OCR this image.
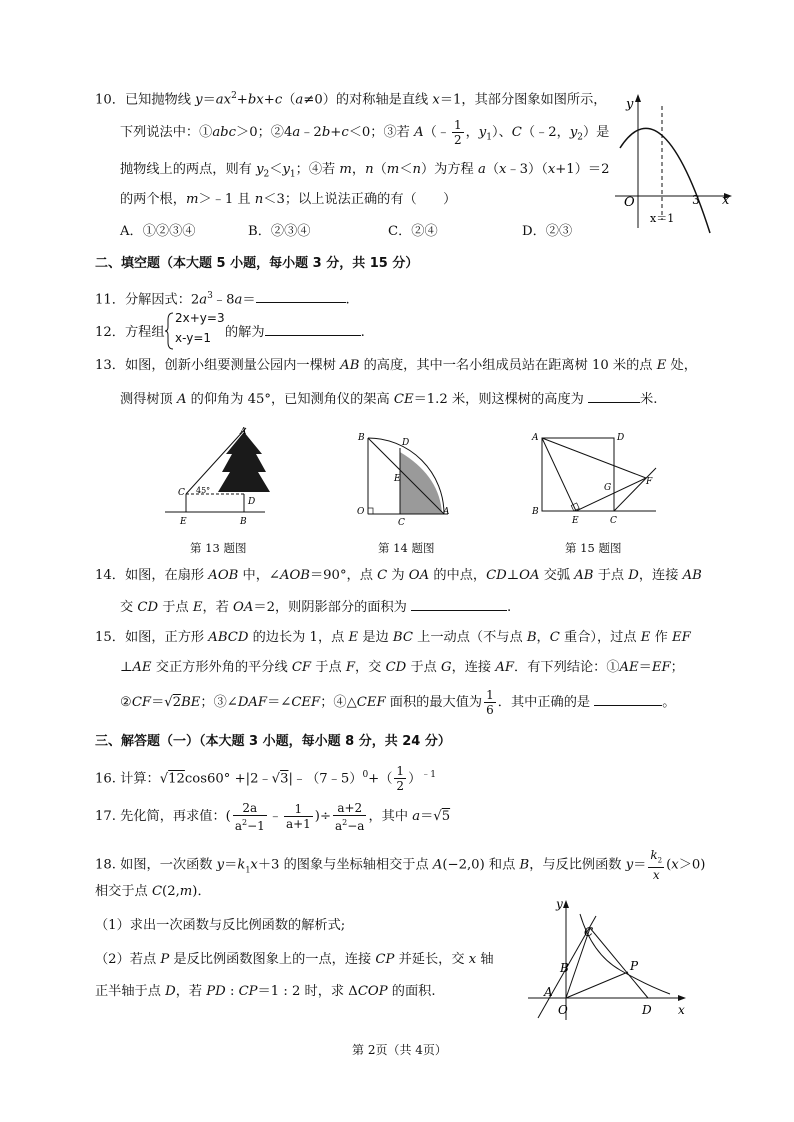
10．已知抛物线 $y=ax^2+bx+c(a\ne 0)$的对称轴是直线 x＝1，其部分图象如图所示，
下列说法中：①abc＞0；②4a﹣2b+c＜0；③若 A（﹣ $\frac{1}{2}$ ，$y_1$）、C（﹣2，$y_2$）是
抛物线上的两点，则有 $y_2<y_1$；④若 m，n（m＜n）为方程 a（x﹣3）（x+1）＝2
的两个根，m＞﹣1 且 n＜3；以上说法正确的有（　　）
A．①②③④	B．②③④	C．②④	D．②③
y
x
O	3
x＝1
二、填空题（本大题 5 小题，每小题 3 分，共 15 分）
11．分解因式：$2a^3﹣8a=$	.
12．方程组
2x+y=3
x-y=1 的解为	.
13．如图，创新小组要测量公园内一棵树 AB 的高度，其中一名小组成员站在距离树 10 米的点 E 处，
测得树顶 A 的仰角为 45°，已知测角仪的架高 CE＝1.2 米，则这棵树的高度为	米.
A
C 45°
D
E	B
第 13 题图
B	D
E
O
C
A
第 14 题图
A	D
G
F
B
E	C
第 15 题图
14．如图，在扇形 AOB 中，∠AOB＝90°，点 C 为 OA 的中点，CD⊥OA 交弧 AB 于点 D，连接 AB
交 CD 于点 E，若 OA＝2，则阴影部分的面积为	.
15．如图，正方形 ABCD 的边长为 1，点 E 是边 BC 上一动点（不与点 B，C 重合），过点 E 作 EF
⊥AE 交正方形外角的平分线 CF 于点 F，交 CD 于点 G，连接 AF．有下列结论：①AE＝EF；
②CF＝√2BE；③∠DAF＝∠CEF；④△CEF 面积的最大值为 $\frac{1}{6}$ ．其中正确的是	。
三、解答题（一）（本大题 3 小题，每小题 8 分，共 24 分）
16. 计算：√12cos60° +|2﹣√3|﹣（7﹣5）$^0$+（ $\frac{1}{2} )^{﹣1}$
17. 先化简，再求值：( $\frac{2a}{a^2-1}$ ﹣ $\frac{1}{a+1}$ )÷ $\frac{a+2}{a^2-a}$ ，其中 a＝√5
18. 如图，一次函数 $y=k_1x+3$ 的图象与坐标轴相交于点 A(−2,0) 和点 B，与反比例函数 $y= \frac{k_2}{x} (x>0)$
相交于点 C(2,m)．
（1）求出一次函数与反比例函数的解析式;
（2）若点 P 是反比例函数图象上的一点，连接 CP 并延长，交 x 轴
正半轴于点 D，若 PD : CP＝1 : 2 时，求 ΔCOP 的面积.
y
x
C
B
A
O
P
D
第 2页（共 4页）
